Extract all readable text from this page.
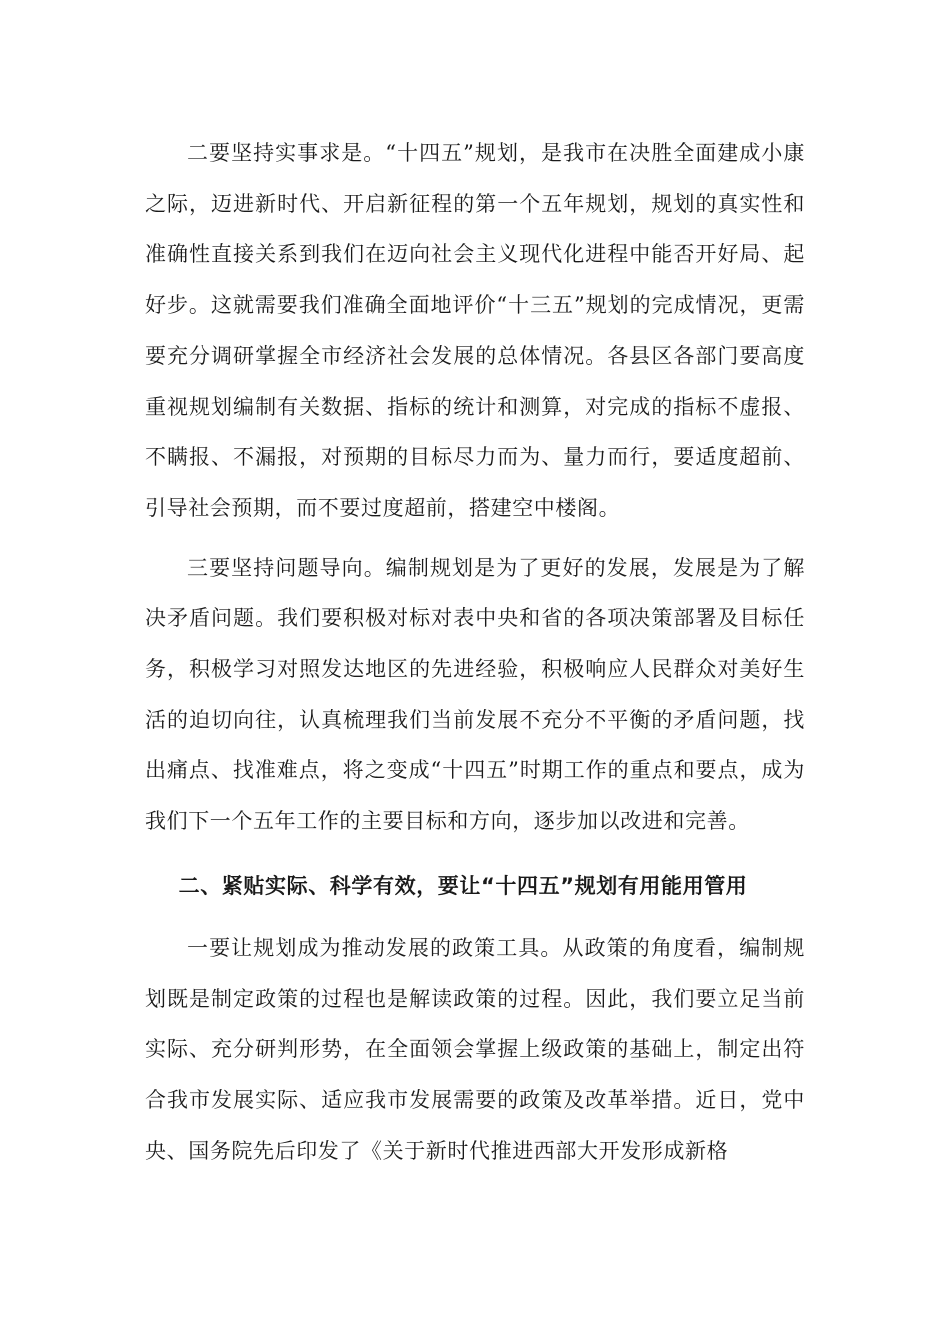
二要坚持实事求是。“十四五”规划，是我市在决胜全面建成小康之际，迈进新时代、开启新征程的第一个五年规划，规划的真实性和准确性直接关系到我们在迈向社会主义现代化进程中能否开好局、起好步。这就需要我们准确全面地评价“十三五”规划的完成情况，更需要充分调研掌握全市经济社会发展的总体情况。各县区各部门要高度重视规划编制有关数据、指标的统计和测算，对完成的指标不虚报、不瞒报、不漏报，对预期的目标尽力而为、量力而行，要适度超前、引导社会预期，而不要过度超前，搭建空中楼阁。

三要坚持问题导向。编制规划是为了更好的发展，发展是为了解决矛盾问题。我们要积极对标对表中央和省的各项决策部署及目标任务，积极学习对照发达地区的先进经验，积极响应人民群众对美好生活的迫切向往，认真梳理我们当前发展不充分不平衡的矛盾问题，找出痛点、找准难点，将之变成“十四五”时期工作的重点和要点，成为我们下一个五年工作的主要目标和方向，逐步加以改进和完善。

二、紧贴实际、科学有效，要让“十四五”规划有用能用管用

一要让规划成为推动发展的政策工具。从政策的角度看，编制规划既是制定政策的过程也是解读政策的过程。因此，我们要立足当前实际、充分研判形势，在全面领会掌握上级政策的基础上，制定出符合我市发展实际、适应我市发展需要的政策及改革举措。近日，党中央、国务院先后印发了《关于新时代推进西部大开发形成新格
